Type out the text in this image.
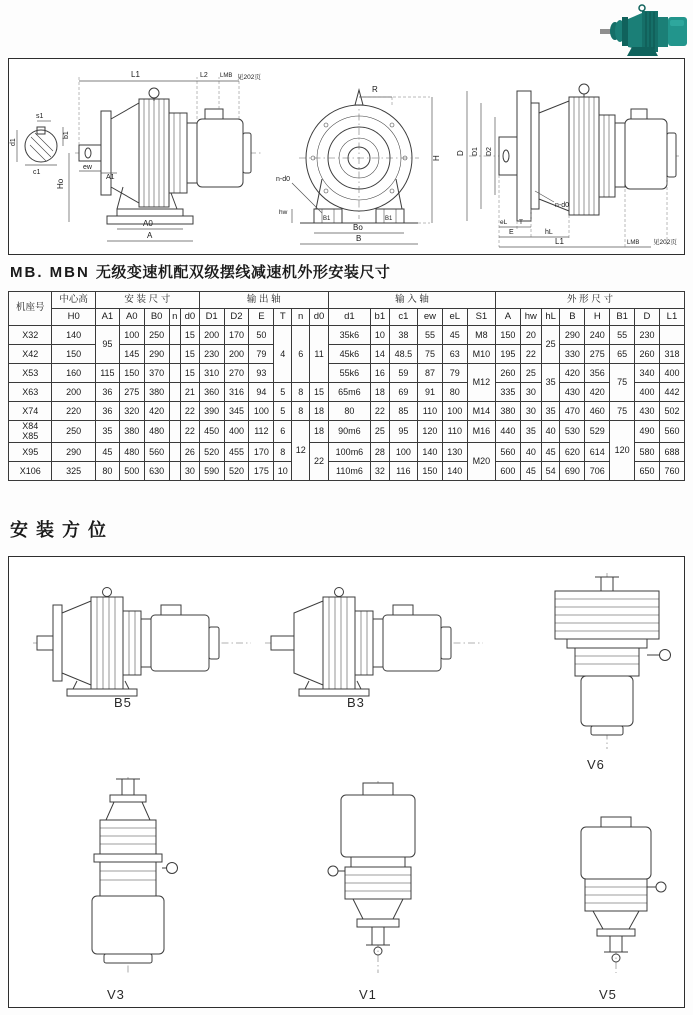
s1
b1
c1
d1
L1	L2 LMB 见202页
Ho
ew
A1
A0
A
R
H
n-d0
B1	B1
hw
Bo
B
D D1 D2
n-d0
eL T
E	hL
L1	LMB 见202页
MB. MBN 无级变速机配双级摆线减速机外形安装尺寸
机座号	中心高	安 装 尺 寸					输 出 轴						输 入 轴						外 形 尺 寸							
	H0	A1	A0	B0	n	d0	D1	D2	E	T	n	d0	d1	b1	c1	ew	eL	S1	A	hw	hL	B	H	B1	D	L1
X32	140	95	100	250		15	200	170	50	4	6	11	35k6	10	38	55	45	M8	150	20	25	290	240	55	230	
X42	150		145	290		15	230	200	79				45k6	14	48.5	75	63	M10	195	22		330	275	65	260	318
X53	160	115	150	370		15	310	270	93				55k6	16	59	87	79	M12	260	25	35	420	356	75	340	400
X63	200	36	275	380		21	360	316	94	5	8	15	65m6	18	69	91	80		335	30		430	420		400	442
X74	220	36	320	420		22	390	345	100	5	8	18	80	22	85	110	100	M14	380	30	35	470	460	75	430	502
X84
X85	250	35	380	480		22	450	400	112	6	12	18	90m6	25	95	120	110	M16	440	35	40	530	529	120	490	560
X95	290	45	480	560		26	520	455	170	8		22	100m6	28	100	140	130	M20	560	40	45	620	614		580	688
X106	325	80	500	630		30	590	520	175	10			110m6	32	116	150	140		600	45	54	690	706		650	760
安装方位
B5	B3
V6
V3	V1	V5
